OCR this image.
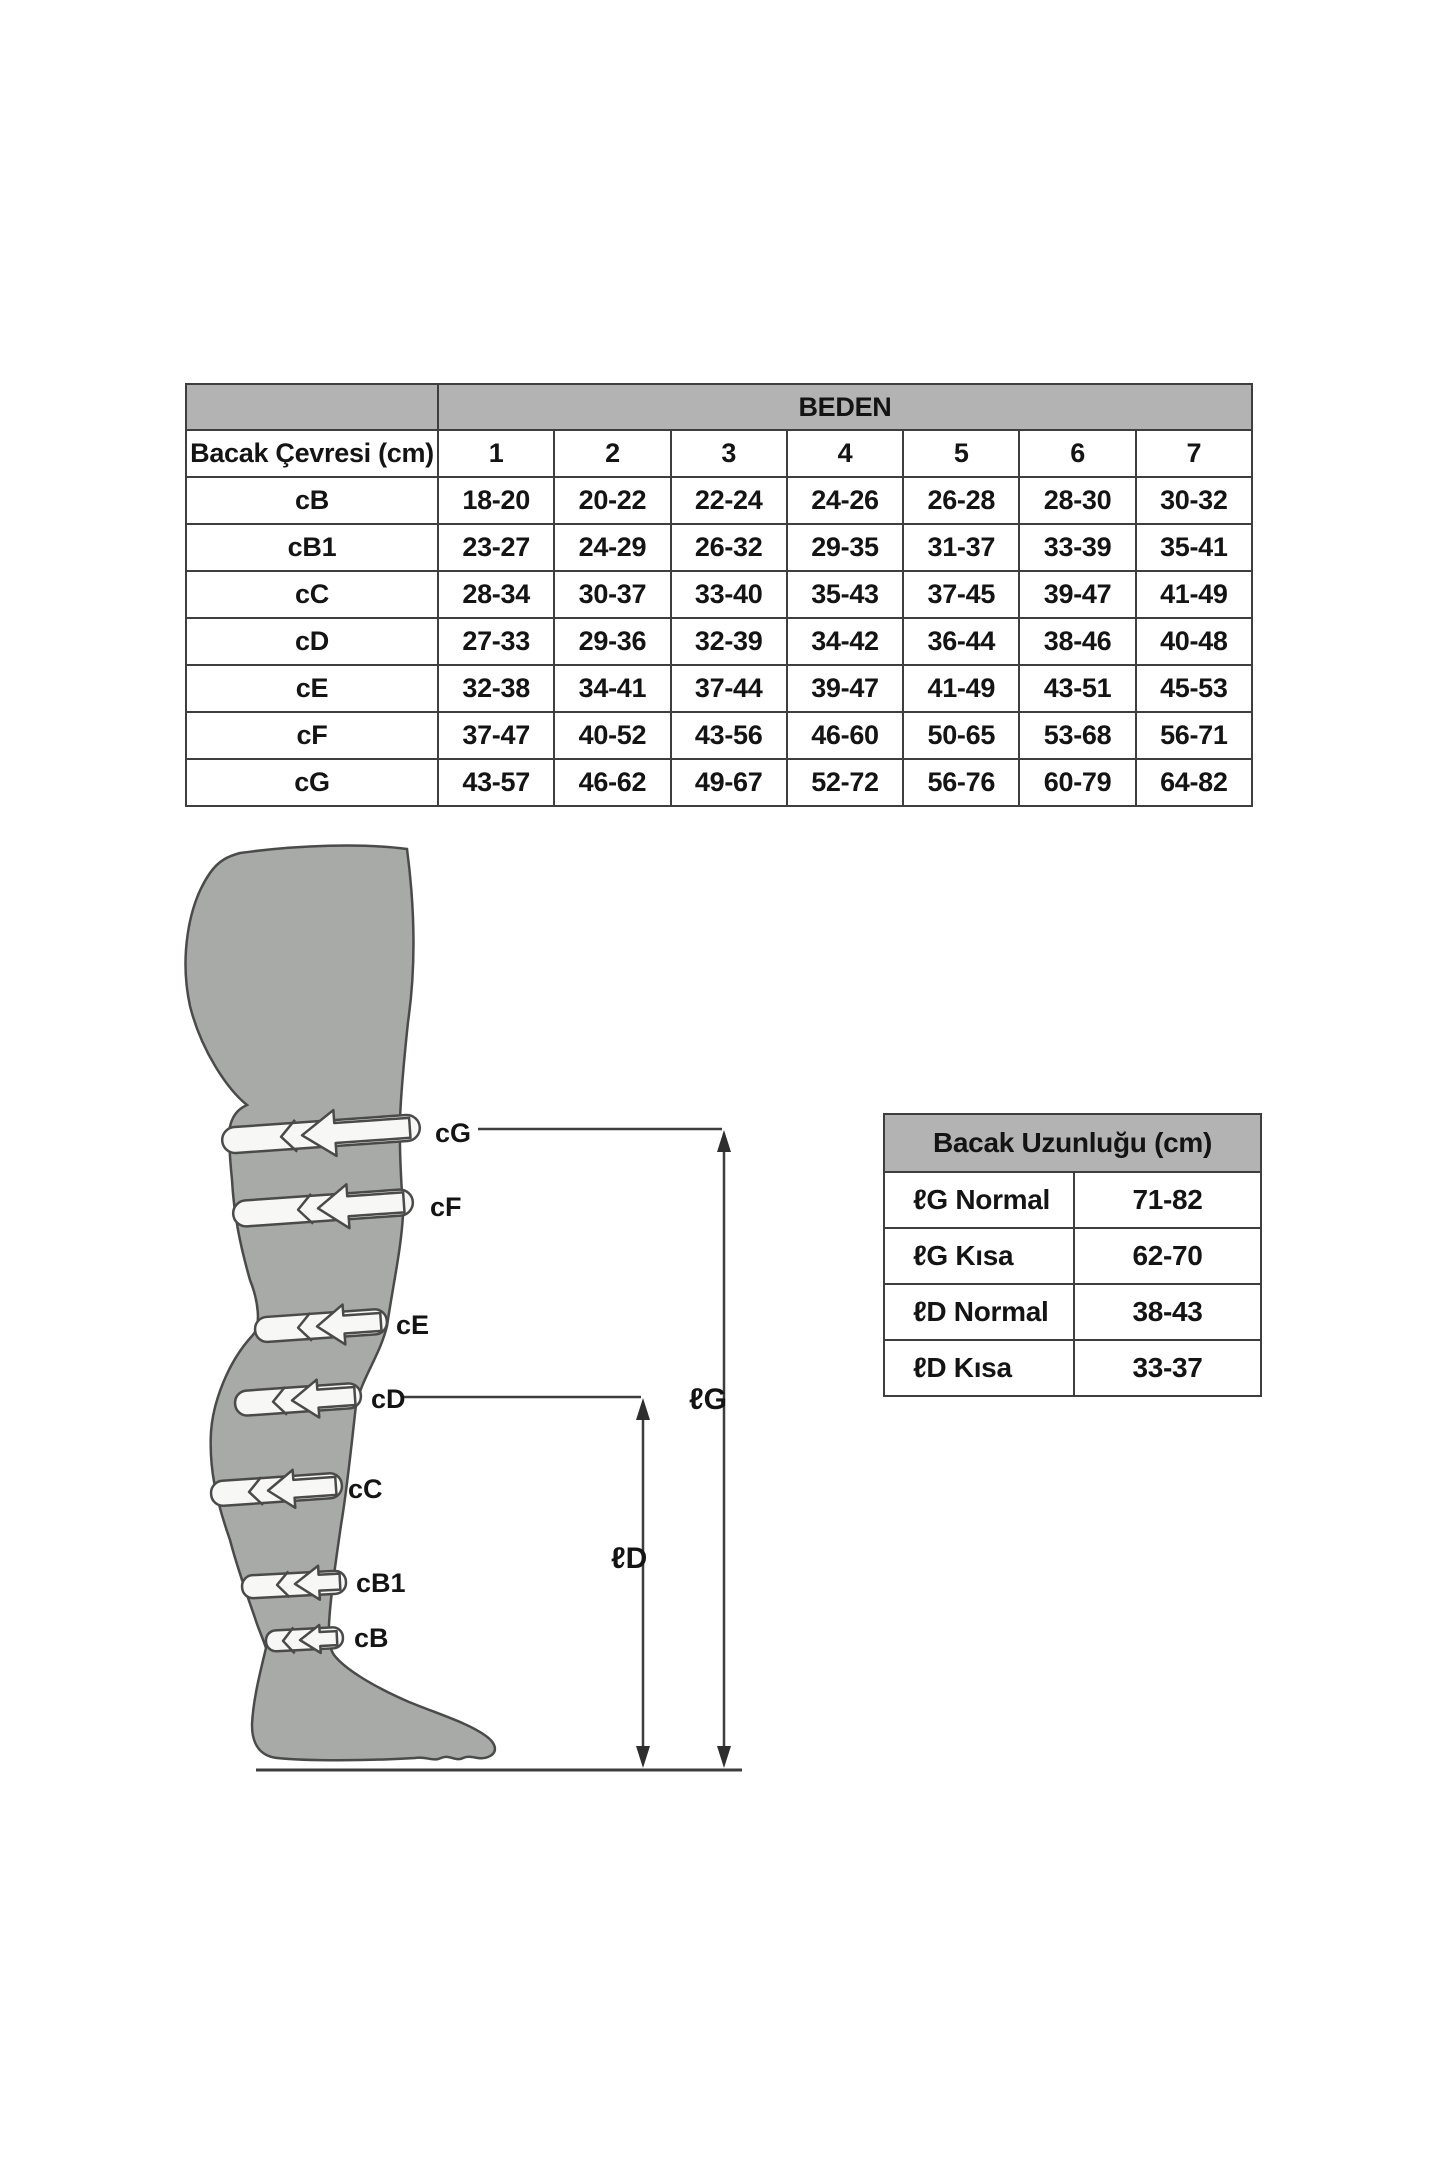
	BEDEN						
Bacak Çevresi (cm)	1	2	3	4	5	6	7
cB	18-20	20-22	22-24	24-26	26-28	28-30	30-32
cB1	23-27	24-29	26-32	29-35	31-37	33-39	35-41
cC	28-34	30-37	33-40	35-43	37-45	39-47	41-49
cD	27-33	29-36	32-39	34-42	36-44	38-46	40-48
cE	32-38	34-41	37-44	39-47	41-49	43-51	45-53
cF	37-47	40-52	43-56	46-60	50-65	53-68	56-71
cG	43-57	46-62	49-67	52-72	56-76	60-79	64-82
Bacak Uzunluğu (cm)	
ℓG Normal	71-82
ℓG Kısa	62-70
ℓD Normal	38-43
ℓD Kısa	33-37
cG
cF
cE
cD
cC
cB1
cB
ℓG
ℓD
